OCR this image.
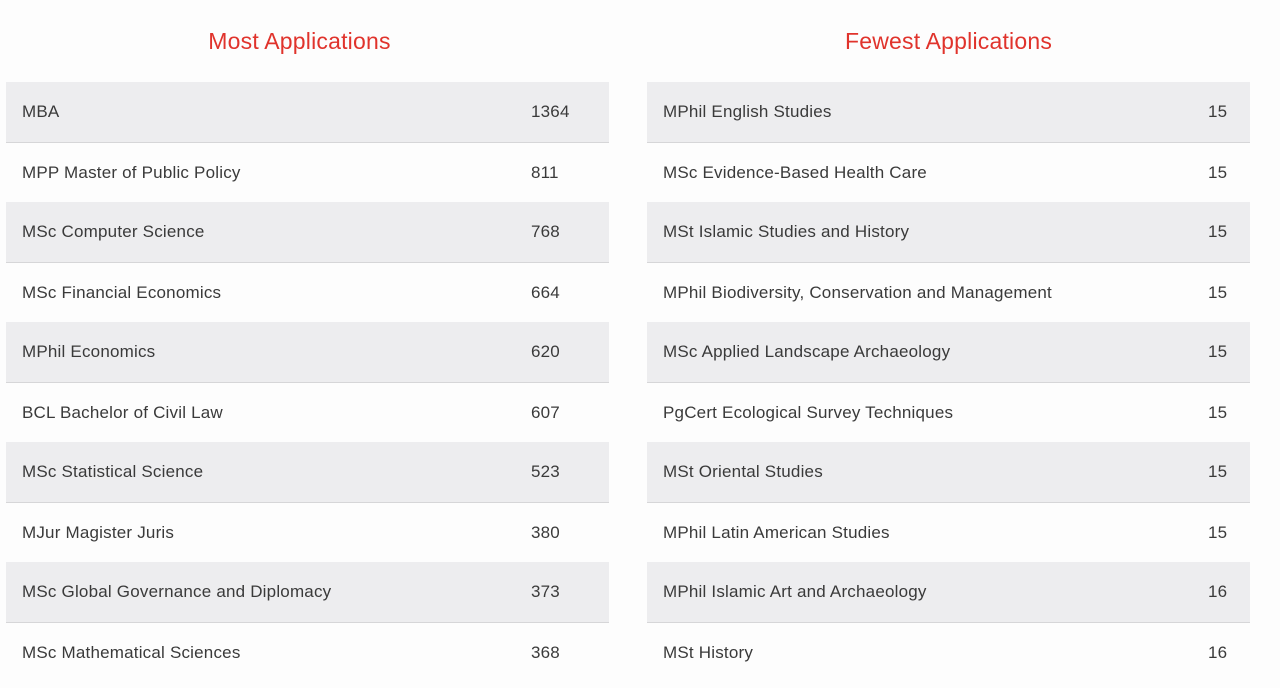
Most Applications
MBA	1364
MPP Master of Public Policy	811
MSc Computer Science	768
MSc Financial Economics	664
MPhil Economics	620
BCL Bachelor of Civil Law	607
MSc Statistical Science	523
MJur Magister Juris	380
MSc Global Governance and Diplomacy	373
MSc Mathematical Sciences	368
Fewest Applications
MPhil English Studies	15
MSc Evidence-Based Health Care	15
MSt Islamic Studies and History	15
MPhil Biodiversity, Conservation and Management	15
MSc Applied Landscape Archaeology	15
PgCert Ecological Survey Techniques	15
MSt Oriental Studies	15
MPhil Latin American Studies	15
MPhil Islamic Art and Archaeology	16
MSt History	16
